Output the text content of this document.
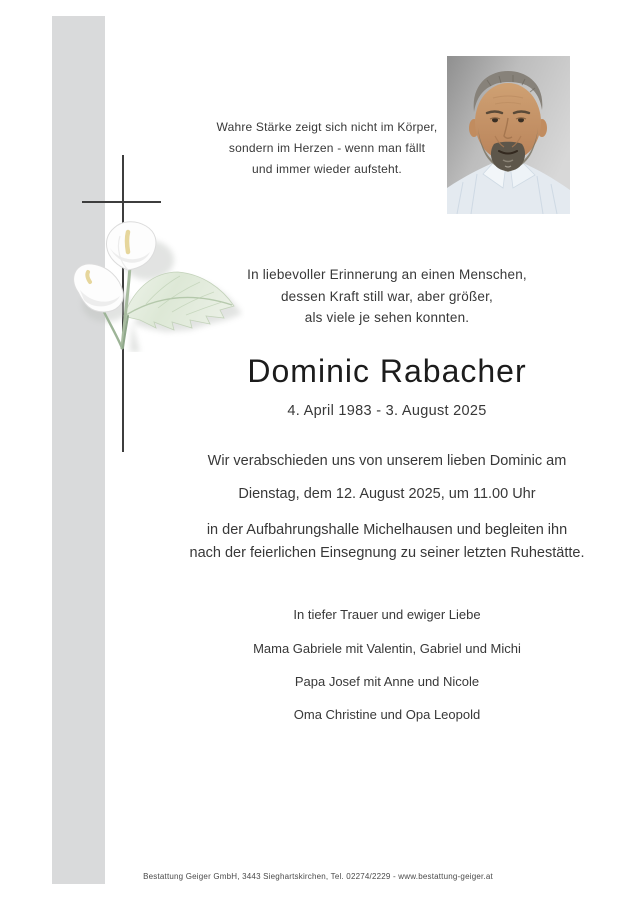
Wahre Stärke zeigt sich nicht im Körper,
sondern im Herzen - wenn man fällt
und immer wieder aufsteht.
In liebevoller Erinnerung an einen Menschen,
dessen Kraft still war, aber größer,
als viele je sehen konnten.
Dominic Rabacher
4. April 1983 - 3. August 2025
Wir verabschieden uns von unserem lieben Dominic am
Dienstag, dem 12. August 2025, um 11.00 Uhr
in der Aufbahrungshalle Michelhausen und begleiten ihn
nach der feierlichen Einsegnung zu seiner letzten Ruhestätte.
In tiefer Trauer und ewiger Liebe
Mama Gabriele mit Valentin, Gabriel und Michi
Papa Josef mit Anne und Nicole
Oma Christine und Opa Leopold
Bestattung Geiger GmbH, 3443 Sieghartskirchen, Tel. 02274/2229 - www.bestattung-geiger.at
